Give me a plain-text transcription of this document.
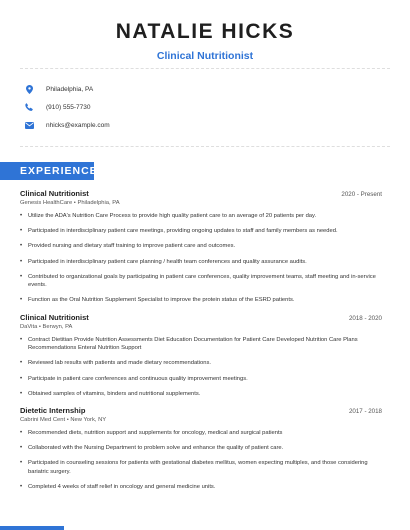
NATALIE HICKS
Clinical Nutritionist
Philadelphia, PA
(910) 555-7730
nhicks@example.com
EXPERIENCE
Clinical Nutritionist	2020 - Present
Genesis HealthCare • Philadelphia, PA
• Utilize the ADA's Nutrition Care Process to provide high quality patient care to an average of 20 patients per day.
• Participated in interdisciplinary patient care meetings, providing ongoing updates to staff and family members as needed.
• Provided nursing and dietary staff training to improve patient care and outcomes.
• Participated in interdisciplinary patient care planning / health team conferences and quality assurance audits.
• Contributed to organizational goals by participating in patient care conferences, quality improvement teams, staff meeting and in-service events.
• Function as the Oral Nutrition Supplement Specialist to improve the protein status of the ESRD patients.
Clinical Nutritionist	2018 - 2020
DaVita • Berwyn, PA
• Contract Dietitian Provide Nutrition Assessments Diet Education Documentation for Patient Care Developed Nutrition Care Plans Recommendations Enteral Nutrition Support
• Reviewed lab results with patients and made dietary recommendations.
• Participate in patient care conferences and continuous quality improvement meetings.
• Obtained samples of vitamins, binders and nutritional supplements.
Dietetic Internship	2017 - 2018
Cabrini Med Cent • New York, NY
• Recommended diets, nutrition support and supplements for oncology, medical and surgical patients
• Collaborated with the Nursing Department to problem solve and enhance the quality of patient care.
• Participated in counseling sessions for patients with gestational diabetes mellitus, women expecting multiples, and those considering bariatric surgery.
• Completed 4 weeks of staff relief in oncology and general medicine units.
